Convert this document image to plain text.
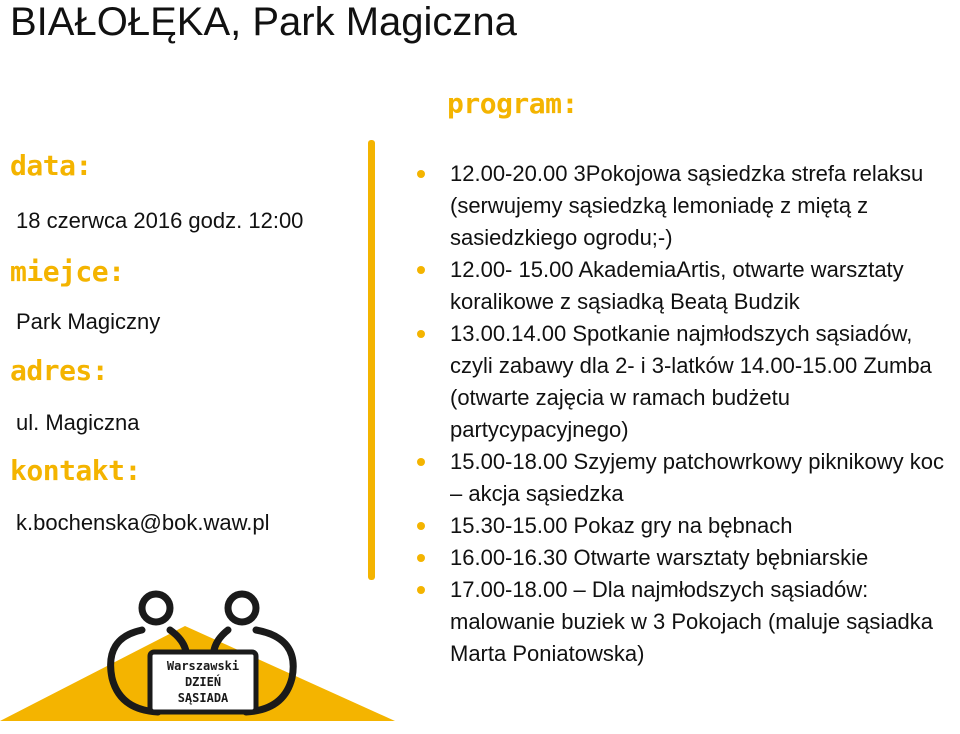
BIAŁOŁĘKA, Park Magiczna
program:
data:
18 czerwca 2016 godz. 12:00
miejce:
Park Magiczny
adres:
ul. Magiczna
kontakt:
k.bochenska@bok.waw.pl
12.00-20.00 3Pokojowa sąsiedzka strefa relaksu (serwujemy sąsiedzką lemoniadę z miętą z sasiedzkiego ogrodu;-)
12.00- 15.00 AkademiaArtis, otwarte warsztaty koralikowe z sąsiadką Beatą Budzik
13.00.14.00 Spotkanie najmłodszych sąsiadów, czyli zabawy dla 2- i 3-latków 14.00-15.00 Zumba (otwarte zajęcia w ramach budżetu partycypacyjnego)
15.00-18.00 Szyjemy patchowrkowy piknikowy koc – akcja sąsiedzka
15.30-15.00 Pokaz gry na bębnach
16.00-16.30 Otwarte warsztaty bębniarskie
17.00-18.00 – Dla najmłodszych sąsiadów: malowanie buziek w 3 Pokojach (maluje sąsiadka Marta Poniatowska)
Warszawski
DZIEŃ
SĄSIADA
